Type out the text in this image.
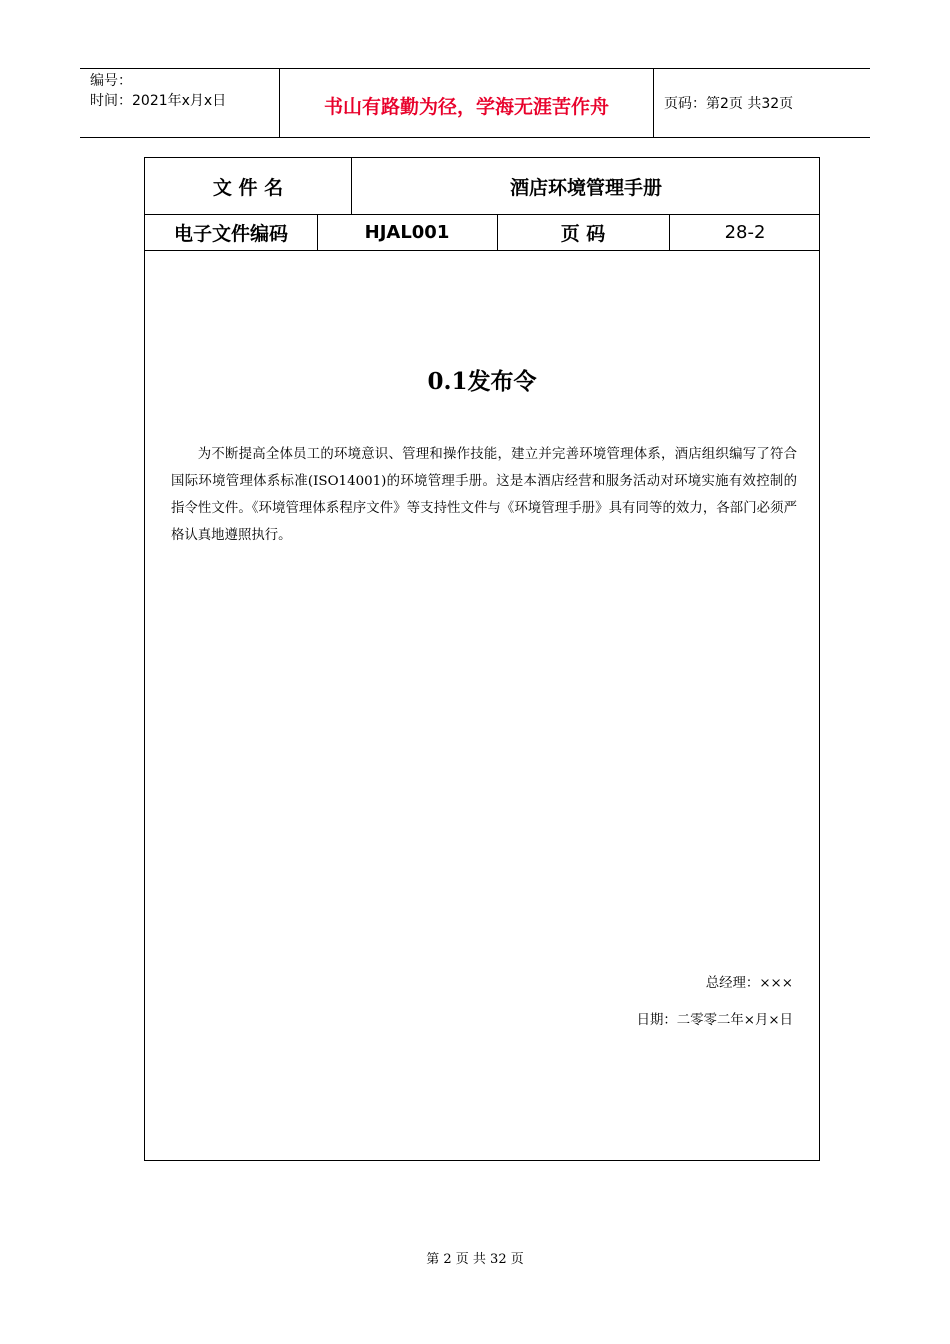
编号：
时间：2021年x月x日	书山有路勤为径，学海无涯苦作舟	页码：第2页 共32页
文 件 名	酒店环境管理手册
电子文件编码	HJAL001	页 码	28-2
0.1发布令
为不断提高全体员工的环境意识、管理和操作技能，建立并完善环境管理体系，酒店组织编写了符合国际环境管理体系标准(ISO14001)的环境管理手册。这是本酒店经营和服务活动对环境实施有效控制的指令性文件。《环境管理体系程序文件》等支持性文件与《环境管理手册》具有同等的效力，各部门必须严格认真地遵照执行。
总经理：×××
日期：二零零二年×月×日
第 2 页 共 32 页
